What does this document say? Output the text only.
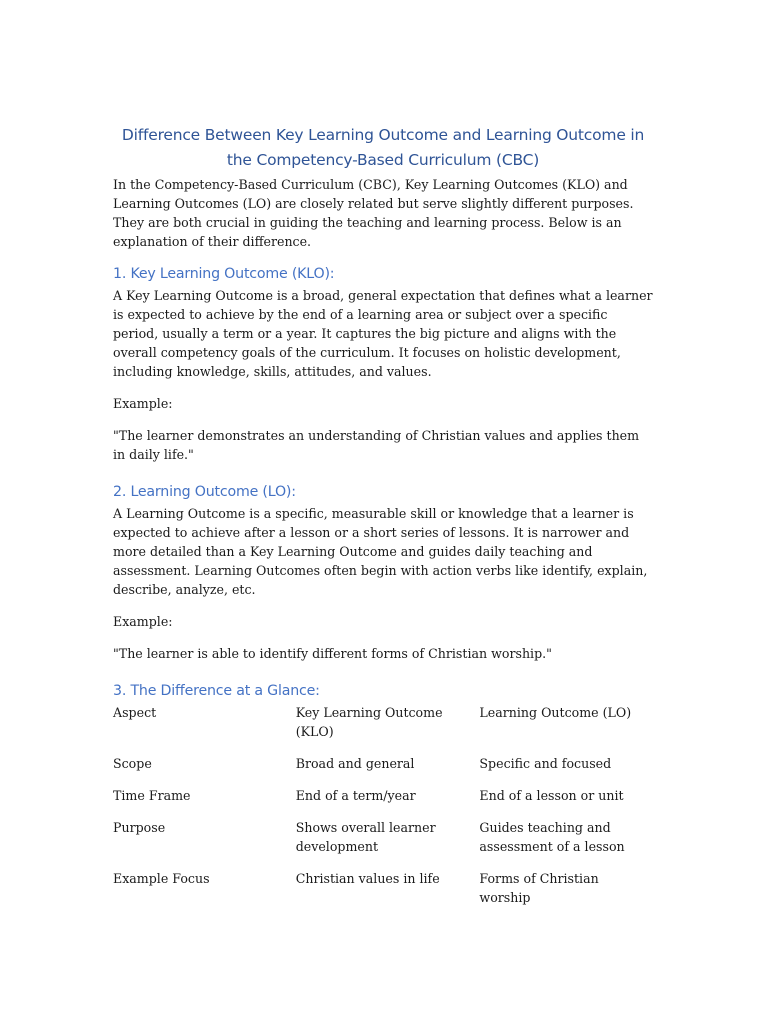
Difference Between Key Learning Outcome and Learning Outcome in the Competency-Based Curriculum (CBC)

In the Competency-Based Curriculum (CBC), Key Learning Outcomes (KLO) and Learning Outcomes (LO) are closely related but serve slightly different purposes. They are both crucial in guiding the teaching and learning process. Below is an explanation of their difference.

1. Key Learning Outcome (KLO):

A Key Learning Outcome is a broad, general expectation that defines what a learner is expected to achieve by the end of a learning area or subject over a specific period, usually a term or a year. It captures the big picture and aligns with the overall competency goals of the curriculum. It focuses on holistic development, including knowledge, skills, attitudes, and values.

Example:

"The learner demonstrates an understanding of Christian values and applies them in daily life."

2. Learning Outcome (LO):

A Learning Outcome is a specific, measurable skill or knowledge that a learner is expected to achieve after a lesson or a short series of lessons. It is narrower and more detailed than a Key Learning Outcome and guides daily teaching and assessment. Learning Outcomes often begin with action verbs like identify, explain, describe, analyze, etc.

Example:

"The learner is able to identify different forms of Christian worship."

3. The Difference at a Glance:
Aspect	Key Learning Outcome (KLO)	Learning Outcome (LO)
Scope	Broad and general	Specific and focused
Time Frame	End of a term/year	End of a lesson or unit
Purpose	Shows overall learner development	Guides teaching and assessment of a lesson
Example Focus	Christian values in life	Forms of Christian worship
